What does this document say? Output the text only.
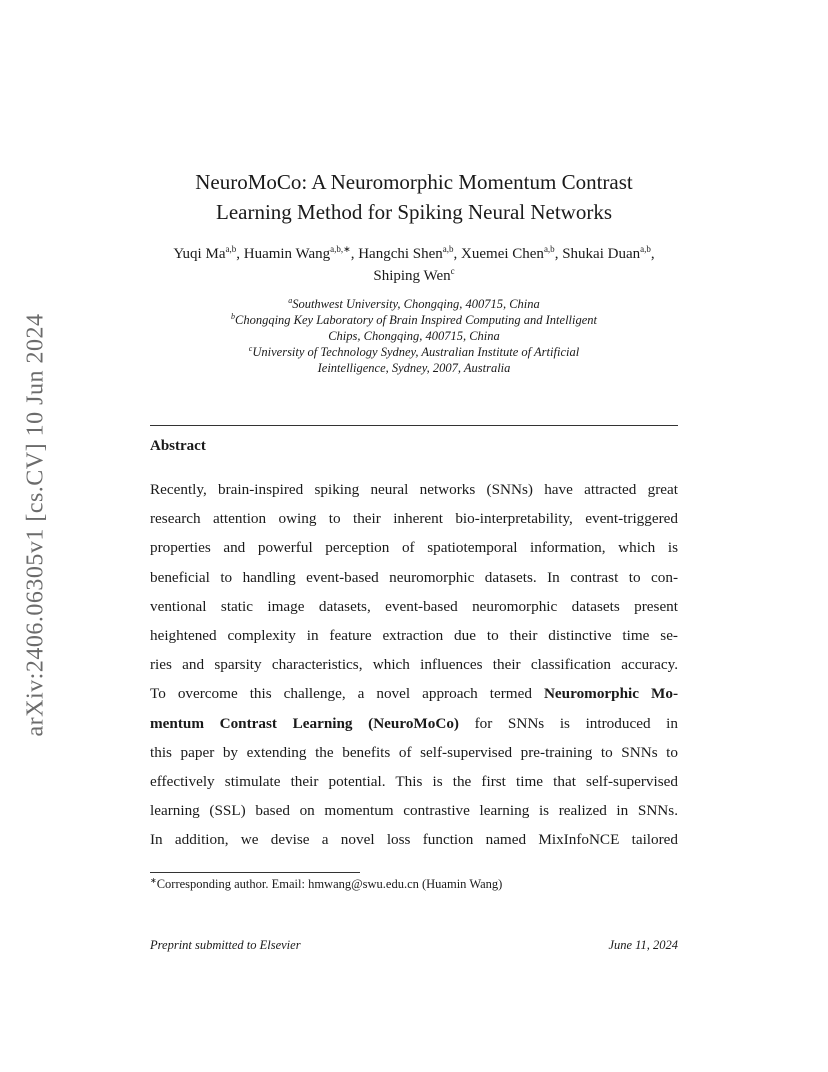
arXiv:2406.06305v1 [cs.CV] 10 Jun 2024
NeuroMoCo: A Neuromorphic Momentum Contrast
Learning Method for Spiking Neural Networks
Yuqi Ma$^{a,b}$, Huamin Wang$^{a,b,∗}$, Hangchi Shen$^{a,b}$, Xuemei Chen$^{a,b}$, Shukai Duan$^{a,b}$, Shiping Wen$^c$
$^a$Southwest University, Chongqing, 400715, China
$^b$Chongqing Key Laboratory of Brain Inspired Computing and Intelligent
Chips, Chongqing, 400715, China
$^c$University of Technology Sydney, Australian Institute of Artificial
Ieintelligence, Sydney, 2007, Australia
Abstract
Recently, brain-inspired spiking neural networks (SNNs) have attracted great
research attention owing to their inherent bio-interpretability, event-triggered
properties and powerful perception of spatiotemporal information, which is
beneficial to handling event-based neuromorphic datasets. In contrast to con-
ventional static image datasets, event-based neuromorphic datasets present
heightened complexity in feature extraction due to their distinctive time se-
ries and sparsity characteristics, which influences their classification accuracy.
To overcome this challenge, a novel approach termed Neuromorphic Mo-
mentum Contrast Learning (NeuroMoCo) for SNNs is introduced in
this paper by extending the benefits of self-supervised pre-training to SNNs to
effectively stimulate their potential. This is the first time that self-supervised
learning (SSL) based on momentum contrastive learning is realized in SNNs.
In addition, we devise a novel loss function named MixInfoNCE tailored
∗Corresponding author. Email: hmwang@swu.edu.cn (Huamin Wang)
Preprint submitted to Elsevier	June 11, 2024
